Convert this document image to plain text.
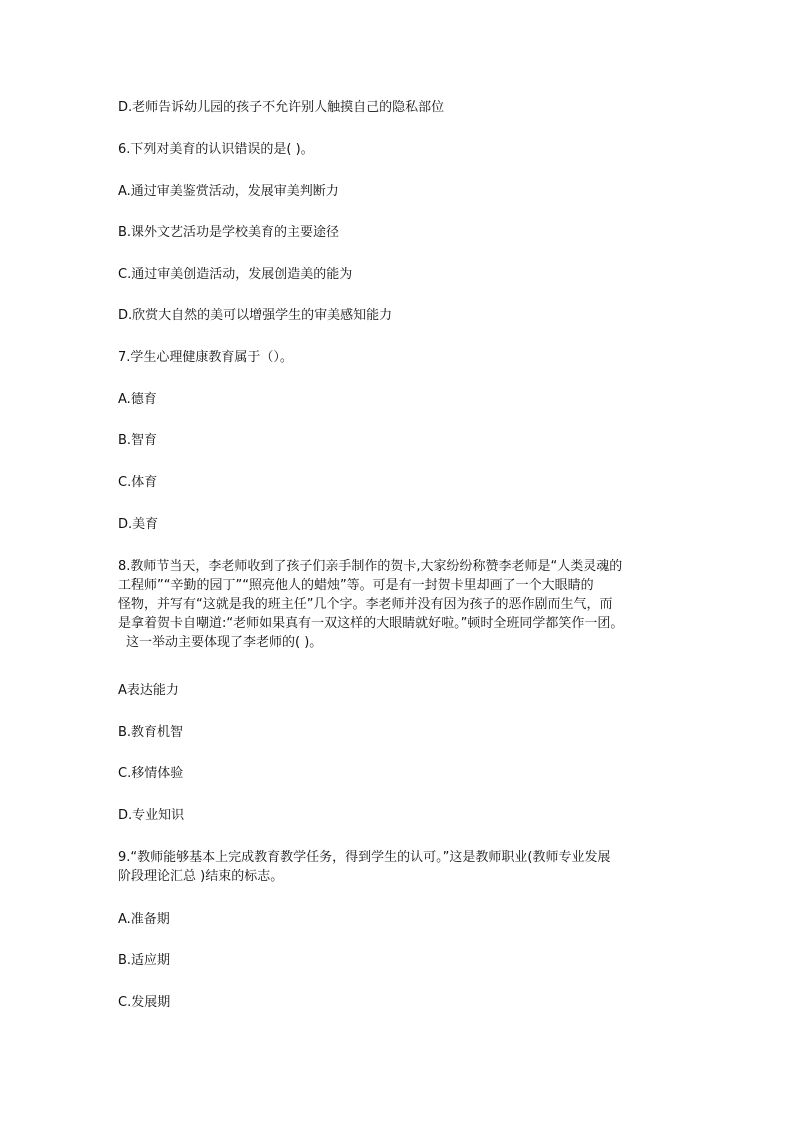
D.老师告诉幼儿园的孩子不允许别人触摸自己的隐私部位
6.下列对美育的认识错误的是( )。
A.通过审美鉴赏活动，发展审美判断力
B.课外文艺活功是学校美育的主要途径
C.通过审美创造活动，发展创造美的能为
D.欣赏大自然的美可以增强学生的审美感知能力
7.学生心理健康教育属于（）。
A.德育
B.智育
C.体育
D.美育
8.教师节当天，李老师收到了孩子们亲手制作的贺卡,大家纷纷称赞李老师是“人类灵魂的
工程师”“辛勤的园丁”“照亮他人的蜡烛”等。可是有一封贺卡里却画了一个大眼睛的
怪物，并写有“这就是我的班主任”几个字。李老师并没有因为孩子的恶作剧而生气，而
是拿着贺卡自嘲道:“老师如果真有一双这样的大眼睛就好啦。”顿时全班同学都笑作一团。
这一举动主要体现了李老师的( )。
A表达能力
B.教育机智
C.移情体验
D.专业知识
9.“教师能够基本上完成教育教学任务，得到学生的认可。”这是教师职业(教师专业发展
阶段理论汇总 )结束的标志。
A.准备期
B.适应期
C.发展期
